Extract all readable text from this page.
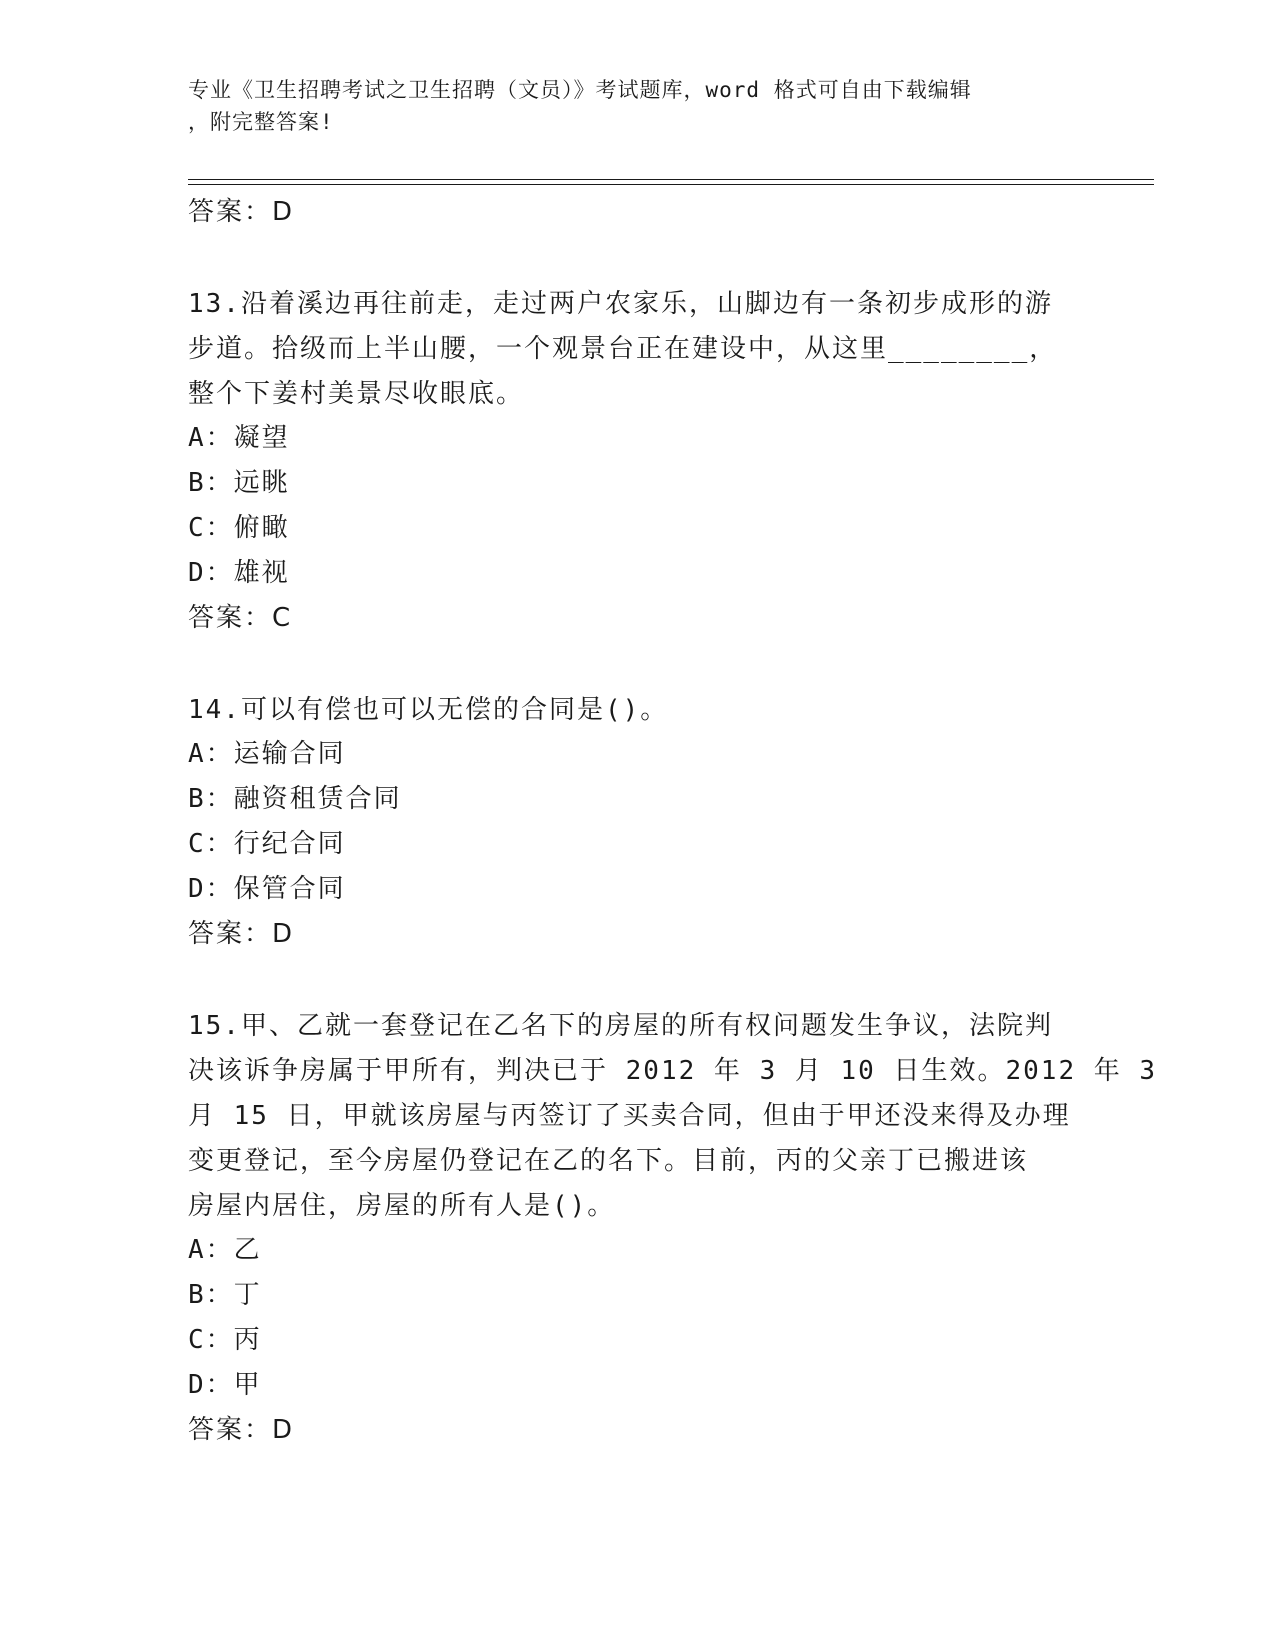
专业《卫生招聘考试之卫生招聘（文员）》考试题库，word 格式可自由下载编辑
，附完整答案!
答案：D
13.沿着溪边再往前走，走过两户农家乐，山脚边有一条初步成形的游
步道。拾级而上半山腰，一个观景台正在建设中，从这里________，
整个下姜村美景尽收眼底。
A：凝望
B：远眺
C：俯瞰
D：雄视
答案：C
14.可以有偿也可以无偿的合同是()。
A：运输合同
B：融资租赁合同
C：行纪合同
D：保管合同
答案：D
15.甲、乙就一套登记在乙名下的房屋的所有权问题发生争议，法院判
决该诉争房属于甲所有，判决已于 2012 年 3 月 10 日生效。2012 年 3
月 15 日，甲就该房屋与丙签订了买卖合同，但由于甲还没来得及办理
变更登记，至今房屋仍登记在乙的名下。目前，丙的父亲丁已搬进该
房屋内居住，房屋的所有人是()。
A：乙
B：丁
C：丙
D：甲
答案：D
